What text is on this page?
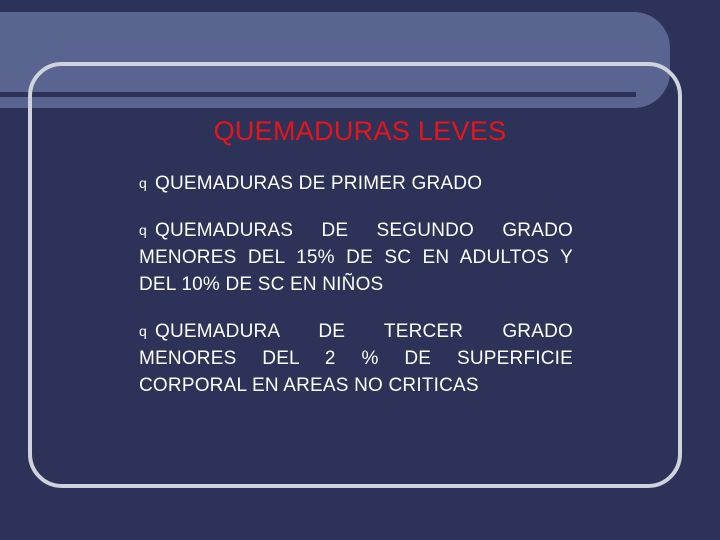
QUEMADURAS LEVES
q QUEMADURAS DE PRIMER GRADO
q QUEMADURAS DE SEGUNDO GRADO MENORES DEL 15% DE SC EN ADULTOS Y DEL 10% DE SC EN NIÑOS
q QUEMADURA DE TERCER GRADO MENORES DEL 2 % DE SUPERFICIE CORPORAL EN AREAS NO CRITICAS
